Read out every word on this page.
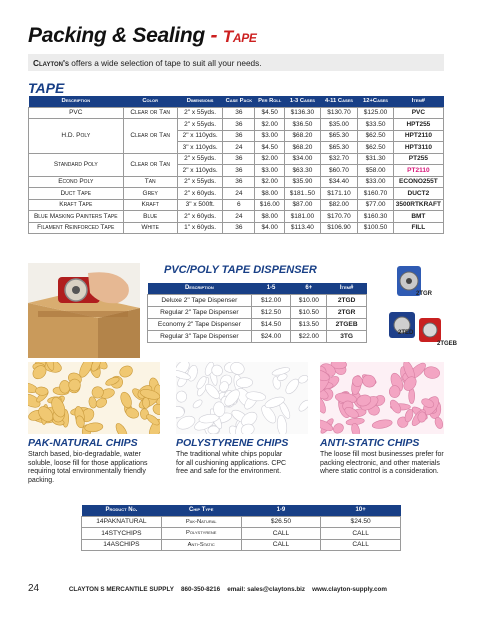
Packing & Sealing - Tape
Clayton's offers a wide selection of tape to suit all your needs.
TAPE
Description	Color	Dimensions	Case Pack	Per Roll	1-3 Cases	4-11 Cases	12+Cases	Item#
PVC	Clear or Tan	2" x 55yds.	36	$4.50	$136.30	$130.70	$125.00	PVC
H.D. Poly	Clear or Tan	2" x 55yds.	36	$2.00	$36.50	$35.00	$33.50	HPT255
		2" x 110yds.	36	$3.00	$68.20	$65.30	$62.50	HPT2110
		3" x 110yds.	24	$4.50	$68.20	$65.30	$62.50	HPT3110
Standard Poly	Clear or Tan	2" x 55yds.	36	$2.00	$34.00	$32.70	$31.30	PT255
		2" x 110yds.	36	$3.00	$63.30	$60.70	$58.00	PT2110
Econo Poly	Tan	2" x 55yds.	36	$2.00	$35.90	$34.40	$33.00	ECONO255T
Duct Tape	Grey	2" x 60yds.	24	$8.00	$181..50	$171.10	$160.70	DUCT2
Kraft Tape	Kraft	3" x 500ft.	6	$16.00	$87.00	$82.00	$77.00	3500RTKRAFT
Blue Masking Painters Tape	Blue	2" x 60yds.	24	$8.00	$181.00	$170.70	$160.30	BMT
Filament Reinforced Tape	White	1" x 60yds.	36	$4.00	$113.40	$106.90	$100.50	FILL
PVC/POLY TAPE DISPENSER
Description	1-5	6+	Item#
Deluxe 2" Tape Dispenser	$12.00	$10.00	2TGD
Regular 2" Tape Dispenser	$12.50	$10.50	2TGR
Economy 2" Tape Dispenser	$14.50	$13.50	2TGEB
Regular 3" Tape Dispenser	$24.00	$22.00	3TG
2TGR
2TED
2TGEB
PAK-NATURAL CHIPS
Starch based, bio-degradable, water
soluble, loose fill for those applications
requiring total environmentally friendly
packing.
POLYSTYRENE CHIPS
The traditional white chips popular
for all cushioning applications. CPC
free and safe for the environment.
ANTI-STATIC CHIPS
The loose fill most businesses prefer for
packing electronic, and other materials
where static control is a consideration.
Product No.	Chip Type	1-9	10+
14PAKNATURAL	Pak-Natural	$26.50	$24.50
14STYCHIPS	Polystyrene	CALL	CALL
14ASCHIPS	Anti-Static	CALL	CALL
24	CLAYTON S MERCANTILE SUPPLY 860-350-8216 email: sales@claytons.biz www.clayton-supply.com
